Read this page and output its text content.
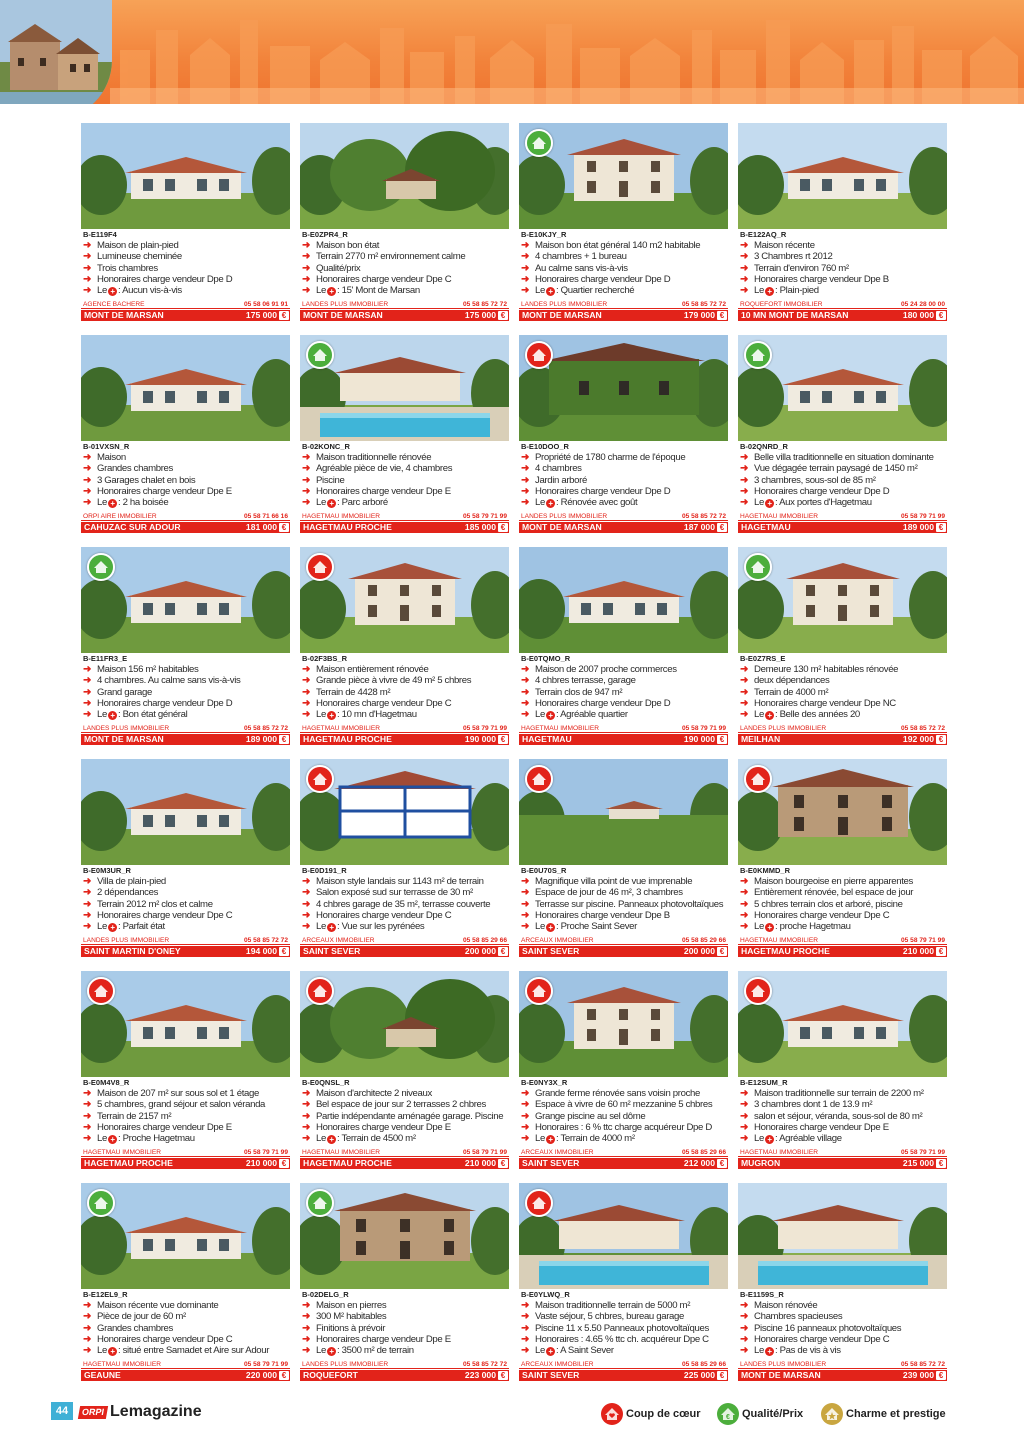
B-E119F4
➜ Maison de plain-pied
➜ Lumineuse cheminée
➜ Trois chambres
➜ Honoraires charge vendeur Dpe D
➜ Le + : Aucun vis-à-vis
AGENCE BACHERE	05 58 06 91 91
MONT DE MARSAN	175 000 €
B-E0ZPR4_R
➜ Maison bon état
➜ Terrain 2770 m² environnement calme
➜ Qualité/prix
➜ Honoraires charge vendeur Dpe C
➜ Le + : 15' Mont de Marsan
LANDES PLUS IMMOBILIER	05 58 85 72 72
MONT DE MARSAN	175 000 €
B-E10KJY_R
➜ Maison bon état général 140 m2 habitable
➜ 4 chambres + 1 bureau
➜ Au calme sans vis-à-vis
➜ Honoraires charge vendeur Dpe D
➜ Le + : Quartier recherché
LANDES PLUS IMMOBILIER	05 58 85 72 72
MONT DE MARSAN	179 000 €
B-E122AQ_R
➜ Maison récente
➜ 3 Chambres rt 2012
➜ Terrain d'environ 760 m²
➜ Honoraires charge vendeur Dpe B
➜ Le + : Plain-pied
ROQUEFORT IMMOBILIER	05 24 28 00 00
10 MN MONT DE MARSAN	180 000 €
B-01VXSN_R
➜ Maison
➜ Grandes chambres
➜ 3 Garages chalet en bois
➜ Honoraires charge vendeur Dpe E
➜ Le + : 2 ha boisée
ORPI AIRE IMMOBILIER	05 58 71 66 16
CAHUZAC SUR ADOUR	181 000 €
B-02KONC_R
➜ Maison traditionnelle rénovée
➜ Agréable pièce de vie, 4 chambres
➜ Piscine
➜ Honoraires charge vendeur Dpe E
➜ Le + : Parc arboré
HAGETMAU IMMOBILIER	05 58 79 71 99
HAGETMAU PROCHE	185 000 €
B-E10DOO_R
➜ Propriété de 1780 charme de l'époque
➜ 4 chambres
➜ Jardin arboré
➜ Honoraires charge vendeur Dpe D
➜ Le + : Rénovée avec goût
LANDES PLUS IMMOBILIER	05 58 85 72 72
MONT DE MARSAN	187 000 €
B-02QNRD_R
➜ Belle villa traditionnelle en situation dominante
➜ Vue dégagée terrain paysagé de 1450 m²
➜ 3 chambres, sous-sol de 85 m²
➜ Honoraires charge vendeur Dpe D
➜ Le + : Aux portes d'Hagetmau
HAGETMAU IMMOBILIER	05 58 79 71 99
HAGETMAU	189 000 €
B-E11FR3_E
➜ Maison 156 m² habitables
➜ 4 chambres. Au calme sans vis-à-vis
➜ Grand garage
➜ Honoraires charge vendeur Dpe D
➜ Le + : Bon état général
LANDES PLUS IMMOBILIER	05 58 85 72 72
MONT DE MARSAN	189 000 €
B-02F3BS_R
➜ Maison entièrement rénovée
➜ Grande pièce à vivre de 49 m² 5 chbres
➜ Terrain de 4428 m²
➜ Honoraires charge vendeur Dpe C
➜ Le + : 10 mn d'Hagetmau
HAGETMAU IMMOBILIER	05 58 79 71 99
HAGETMAU PROCHE	190 000 €
B-E0TQMO_R
➜ Maison de 2007 proche commerces
➜ 4 chbres terrasse, garage
➜ Terrain clos de 947 m²
➜ Honoraires charge vendeur Dpe D
➜ Le + : Agréable quartier
HAGETMAU IMMOBILIER	05 58 79 71 99
HAGETMAU	190 000 €
B-E0Z7RS_E
➜ Demeure 130 m² habitables rénovée
➜ deux dépendances
➜ Terrain de 4000 m²
➜ Honoraires charge vendeur Dpe NC
➜ Le + : Belle des années 20
LANDES PLUS IMMOBILIER	05 58 85 72 72
MEILHAN	192 000 €
B-E0M3UR_R
➜ Villa de plain-pied
➜ 2 dépendances
➜ Terrain 2012 m² clos et calme
➜ Honoraires charge vendeur Dpe C
➜ Le + : Parfait état
LANDES PLUS IMMOBILIER	05 58 85 72 72
SAINT MARTIN D'ONEY	194 000 €
B-E0D191_R
➜ Maison style landais sur 1143 m² de terrain
➜ Salon exposé sud sur terrasse de 30 m²
➜ 4 chbres garage de 35 m², terrasse couverte
➜ Honoraires charge vendeur Dpe C
➜ Le + : Vue sur les pyrénées
ARCEAUX IMMOBILIER	05 58 85 29 66
SAINT SEVER	200 000 €
B-E0U70S_R
➜ Magnifique villa point de vue imprenable
➜ Espace de jour de 46 m², 3 chambres
➜ Terrasse sur piscine. Panneaux photovoltaïques
➜ Honoraires charge vendeur Dpe B
➜ Le + : Proche Saint Sever
ARCEAUX IMMOBILIER	05 58 85 29 66
SAINT SEVER	200 000 €
B-E0KMMD_R
➜ Maison bourgeoise en pierre apparentes
➜ Entièrement rénovée, bel espace de jour
➜ 5 chbres terrain clos et arboré, piscine
➜ Honoraires charge vendeur Dpe C
➜ Le + : proche Hagetmau
HAGETMAU IMMOBILIER	05 58 79 71 99
HAGETMAU PROCHE	210 000 €
B-E0M4V8_R
➜ Maison de 207 m² sur sous sol et 1 étage
➜ 5 chambres, grand séjour et salon véranda
➜ Terrain de 2157 m²
➜ Honoraires charge vendeur Dpe E
➜ Le + : Proche Hagetmau
HAGETMAU IMMOBILIER	05 58 79 71 99
HAGETMAU PROCHE	210 000 €
B-E0QNSL_R
➜ Maison d'architecte 2 niveaux
➜ Bel espace de jour sur 2 terrasses 2 chbres
➜ Partie indépendante aménagée garage. Piscine
➜ Honoraires charge vendeur Dpe E
➜ Le + : Terrain de 4500 m²
HAGETMAU IMMOBILIER	05 58 79 71 99
HAGETMAU PROCHE	210 000 €
B-E0NY3X_R
➜ Grande ferme rénovée sans voisin proche
➜ Espace à vivre de 60 m² mezzanine 5 chbres
➜ Grange piscine au sel dôme
➜ Honoraires : 6 % ttc charge acquéreur Dpe D
➜ Le + : Terrain de 4000 m²
ARCEAUX IMMOBILIER	05 58 85 29 66
SAINT SEVER	212 000 €
B-E12SUM_R
➜ Maison traditionnelle sur terrain de 2200 m²
➜ 3 chambres dont 1 de 13.9 m²
➜ salon et séjour, véranda, sous-sol de 80 m²
➜ Honoraires charge vendeur Dpe E
➜ Le + : Agréable village
HAGETMAU IMMOBILIER	05 58 79 71 99
MUGRON	215 000 €
B-E12EL9_R
➜ Maison récente vue dominante
➜ Pièce de jour de 60 m²
➜ Grandes chambres
➜ Honoraires charge vendeur Dpe C
➜ Le + : situé entre Samadet et Aire sur Adour
HAGETMAU IMMOBILIER	05 58 79 71 99
GEAUNE	220 000 €
B-02DELG_R
➜ Maison en pierres
➜ 300 M² habitables
➜ Finitions à prévoir
➜ Honoraires charge vendeur Dpe E
➜ Le + : 3500 m² de terrain
LANDES PLUS IMMOBILIER	05 58 85 72 72
ROQUEFORT	223 000 €
B-E0YLWQ_R
➜ Maison traditionnelle terrain de 5000 m²
➜ Vaste séjour, 5 chbres, bureau garage
➜ Piscine 11 x 5.50 Panneaux photovoltaïques
➜ Honoraires : 4.65 % ttc ch. acquéreur Dpe C
➜ Le + : A Saint Sever
ARCEAUX IMMOBILIER	05 58 85 29 66
SAINT SEVER	225 000 €
B-E1159S_R
➜ Maison rénovée
➜ Chambres spacieuses
➜ Piscine 16 panneaux photovoltaïques
➜ Honoraires charge vendeur Dpe C
➜ Le + : Pas de vis à vis
LANDES PLUS IMMOBILIER	05 58 85 72 72
MONT DE MARSAN	239 000 €
44	ORPI Lemagazine	Coup de cœur	€ Qualité/Prix	Charme et prestige
